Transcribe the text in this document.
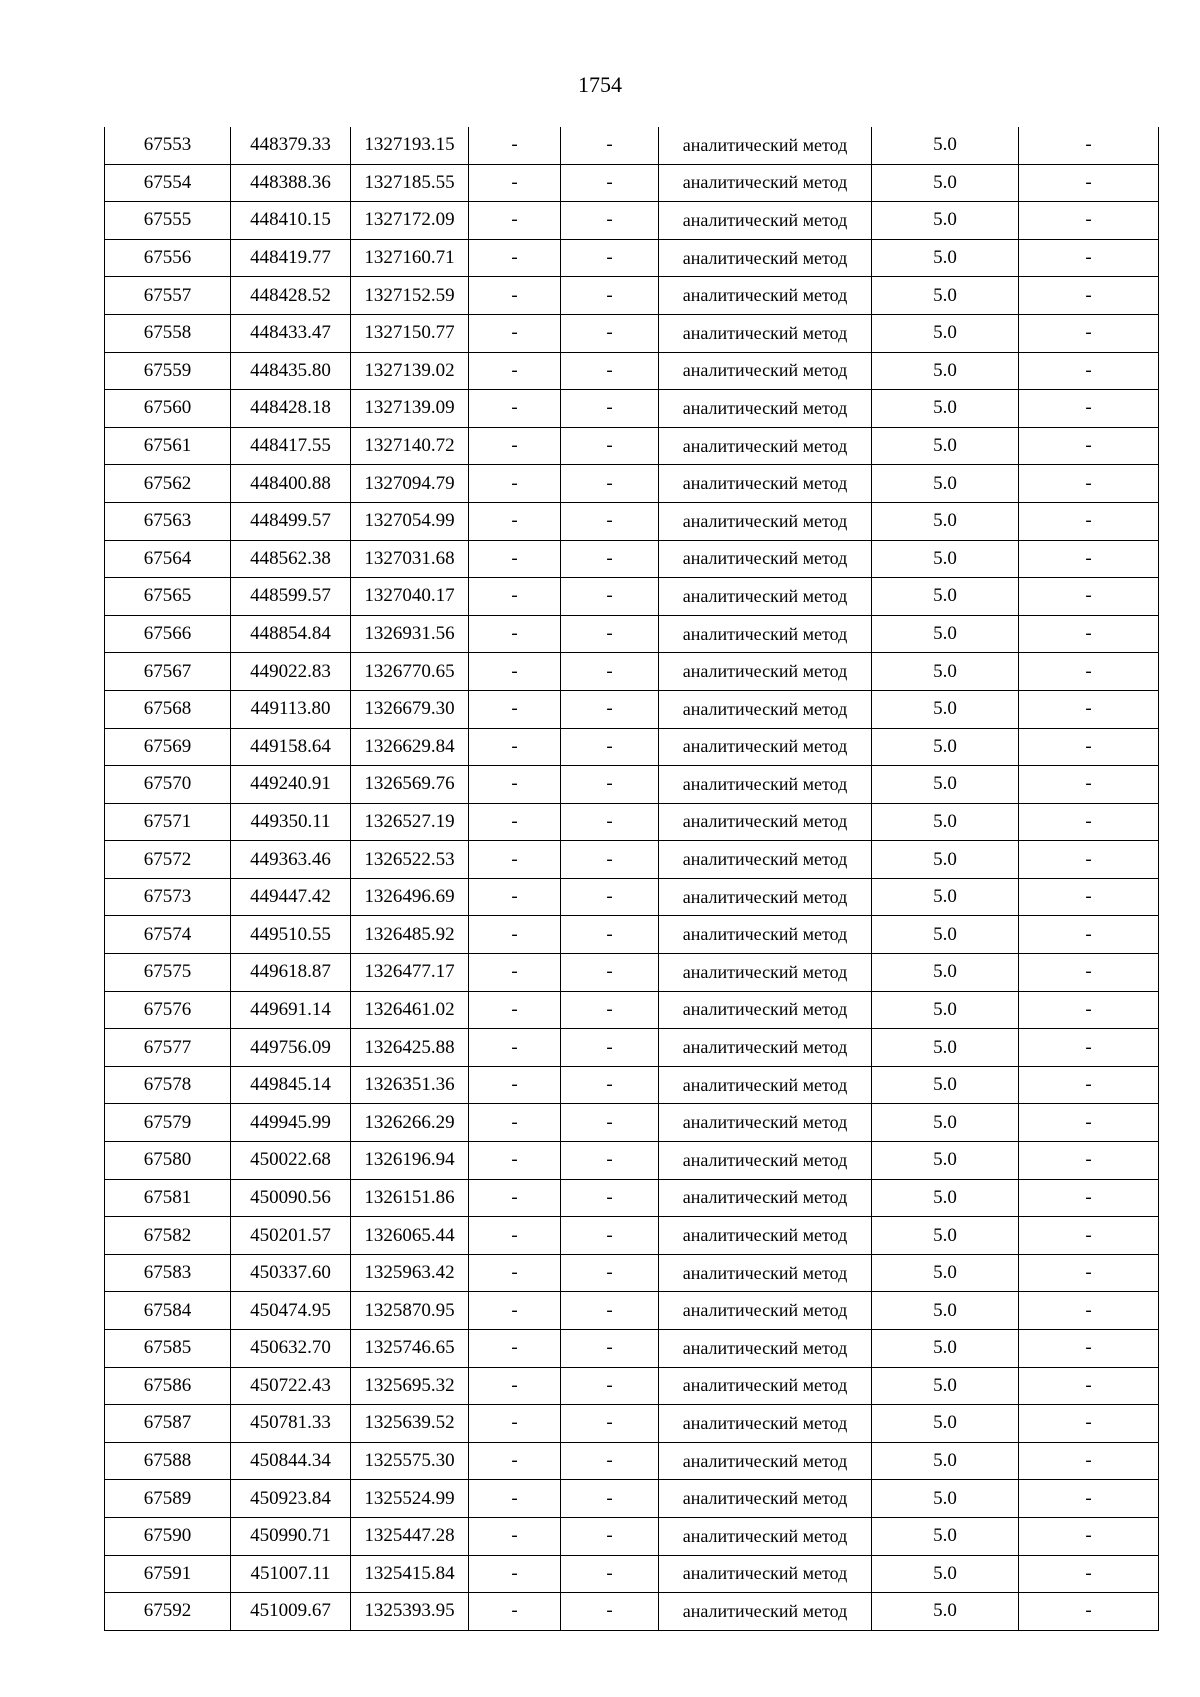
1754
67553	448379.33	1327193.15	-	-	аналитический метод	5.0	-
67554	448388.36	1327185.55	-	-	аналитический метод	5.0	-
67555	448410.15	1327172.09	-	-	аналитический метод	5.0	-
67556	448419.77	1327160.71	-	-	аналитический метод	5.0	-
67557	448428.52	1327152.59	-	-	аналитический метод	5.0	-
67558	448433.47	1327150.77	-	-	аналитический метод	5.0	-
67559	448435.80	1327139.02	-	-	аналитический метод	5.0	-
67560	448428.18	1327139.09	-	-	аналитический метод	5.0	-
67561	448417.55	1327140.72	-	-	аналитический метод	5.0	-
67562	448400.88	1327094.79	-	-	аналитический метод	5.0	-
67563	448499.57	1327054.99	-	-	аналитический метод	5.0	-
67564	448562.38	1327031.68	-	-	аналитический метод	5.0	-
67565	448599.57	1327040.17	-	-	аналитический метод	5.0	-
67566	448854.84	1326931.56	-	-	аналитический метод	5.0	-
67567	449022.83	1326770.65	-	-	аналитический метод	5.0	-
67568	449113.80	1326679.30	-	-	аналитический метод	5.0	-
67569	449158.64	1326629.84	-	-	аналитический метод	5.0	-
67570	449240.91	1326569.76	-	-	аналитический метод	5.0	-
67571	449350.11	1326527.19	-	-	аналитический метод	5.0	-
67572	449363.46	1326522.53	-	-	аналитический метод	5.0	-
67573	449447.42	1326496.69	-	-	аналитический метод	5.0	-
67574	449510.55	1326485.92	-	-	аналитический метод	5.0	-
67575	449618.87	1326477.17	-	-	аналитический метод	5.0	-
67576	449691.14	1326461.02	-	-	аналитический метод	5.0	-
67577	449756.09	1326425.88	-	-	аналитический метод	5.0	-
67578	449845.14	1326351.36	-	-	аналитический метод	5.0	-
67579	449945.99	1326266.29	-	-	аналитический метод	5.0	-
67580	450022.68	1326196.94	-	-	аналитический метод	5.0	-
67581	450090.56	1326151.86	-	-	аналитический метод	5.0	-
67582	450201.57	1326065.44	-	-	аналитический метод	5.0	-
67583	450337.60	1325963.42	-	-	аналитический метод	5.0	-
67584	450474.95	1325870.95	-	-	аналитический метод	5.0	-
67585	450632.70	1325746.65	-	-	аналитический метод	5.0	-
67586	450722.43	1325695.32	-	-	аналитический метод	5.0	-
67587	450781.33	1325639.52	-	-	аналитический метод	5.0	-
67588	450844.34	1325575.30	-	-	аналитический метод	5.0	-
67589	450923.84	1325524.99	-	-	аналитический метод	5.0	-
67590	450990.71	1325447.28	-	-	аналитический метод	5.0	-
67591	451007.11	1325415.84	-	-	аналитический метод	5.0	-
67592	451009.67	1325393.95	-	-	аналитический метод	5.0	-
